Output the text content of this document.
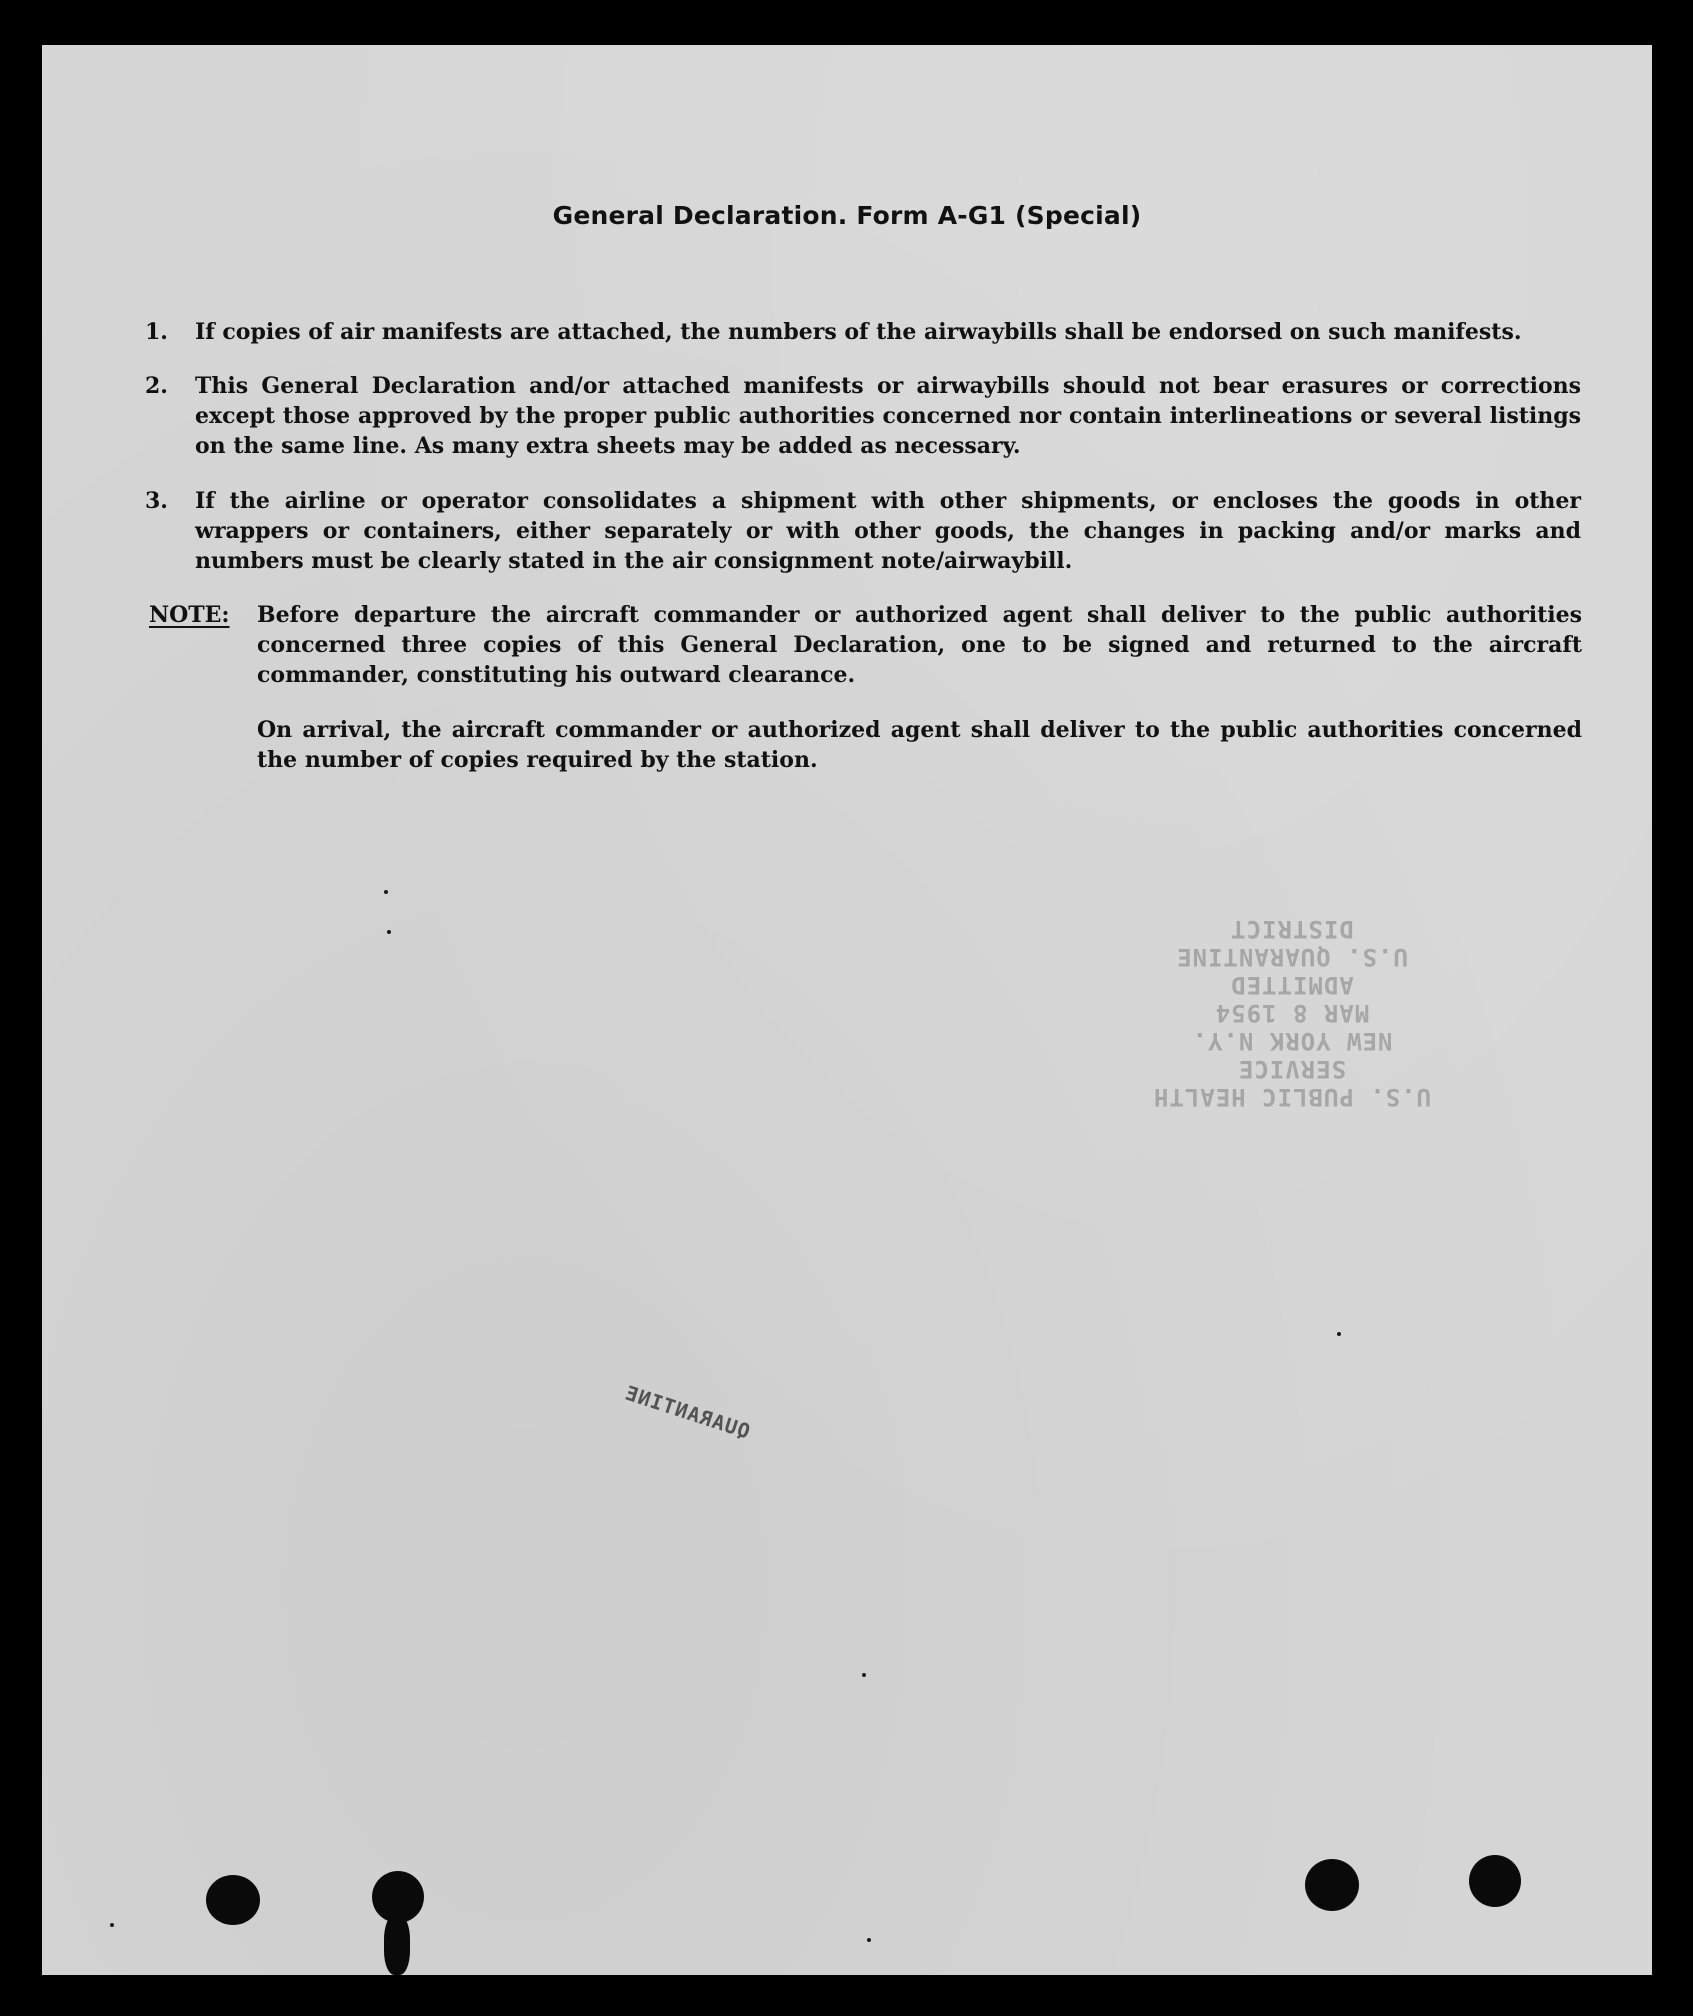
General Declaration. Form A-G1 (Special)
1.	If copies of air manifests are attached, the numbers of the airwaybills shall be endorsed on such manifests.
2.	This General Declaration and/or attached manifests or airwaybills should not bear erasures or corrections except those approved by the proper public authorities concerned nor contain interlineations or several listings on the same line. As many extra sheets may be added as necessary.
3.	If the airline or operator consolidates a shipment with other shipments, or encloses the goods in other wrappers or containers, either separately or with other goods, the changes in packing and/or marks and numbers must be clearly stated in the air consignment note/airwaybill.
NOTE:	Before departure the aircraft commander or authorized agent shall deliver to the public authorities concerned three copies of this General Declaration, one to be signed and returned to the aircraft commander, constituting his outward clearance.
On arrival, the aircraft commander or authorized agent shall deliver to the public authorities concerned the number of copies required by the station.
U.S. PUBLIC HEALTH SERVICE
NEW YORK N.Y.
MAR 8 1954
ADMITTED
U.S. QUARANTINE DISTRICT
QUARANTINE
